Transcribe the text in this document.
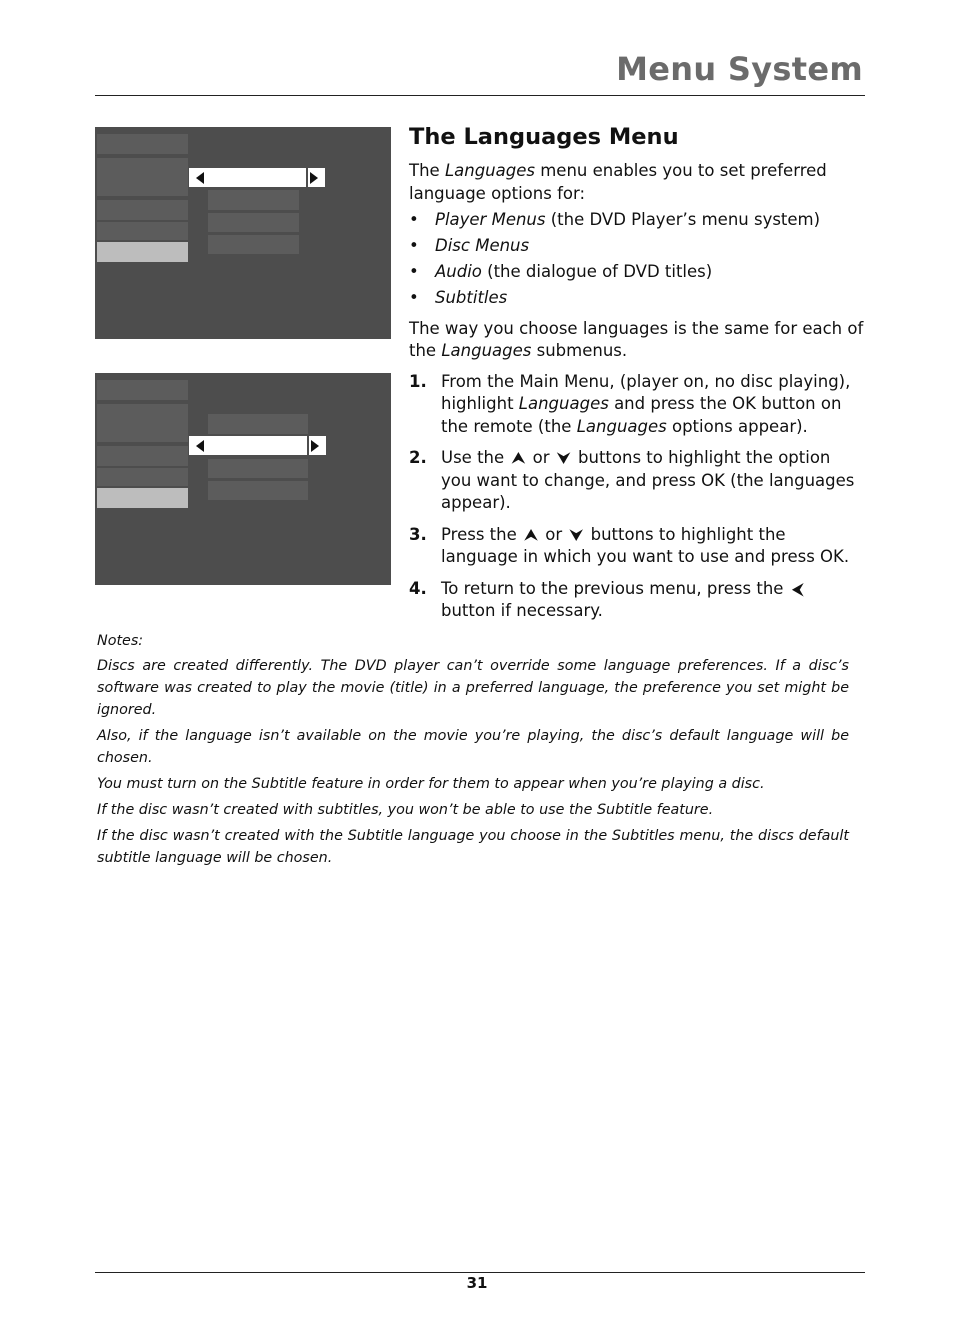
Menu System
The Languages Menu

The Languages menu enables you to set preferred language options for:

• Player Menus (the DVD Player’s menu system)
• Disc Menus
• Audio (the dialogue of DVD titles)
• Subtitles

The way you choose languages is the same for each of the Languages submenus.

1. From the Main Menu, (player on, no disc playing), highlight Languages and press the OK button on the remote (the Languages options appear).
2. Use the ⮝ or ⮟ buttons to highlight the option you want to change, and press OK (the languages appear).
3. Press the ⮝ or ⮟ buttons to highlight the language in which you want to use and press OK.
4. To return to the previous menu, press the ⮜ button if necessary.

Notes:

Discs are created differently. The DVD player can’t override some language preferences. If a disc’s software was created to play the movie (title) in a preferred language, the preference you set might be ignored.

Also, if the language isn’t available on the movie you’re playing, the disc’s default language will be chosen.

You must turn on the Subtitle feature in order for them to appear when you’re playing a disc.

If the disc wasn’t created with subtitles, you won’t be able to use the Subtitle feature.

If the disc wasn’t created with the Subtitle language you choose in the Subtitles menu, the discs default subtitle language will be chosen.

31
